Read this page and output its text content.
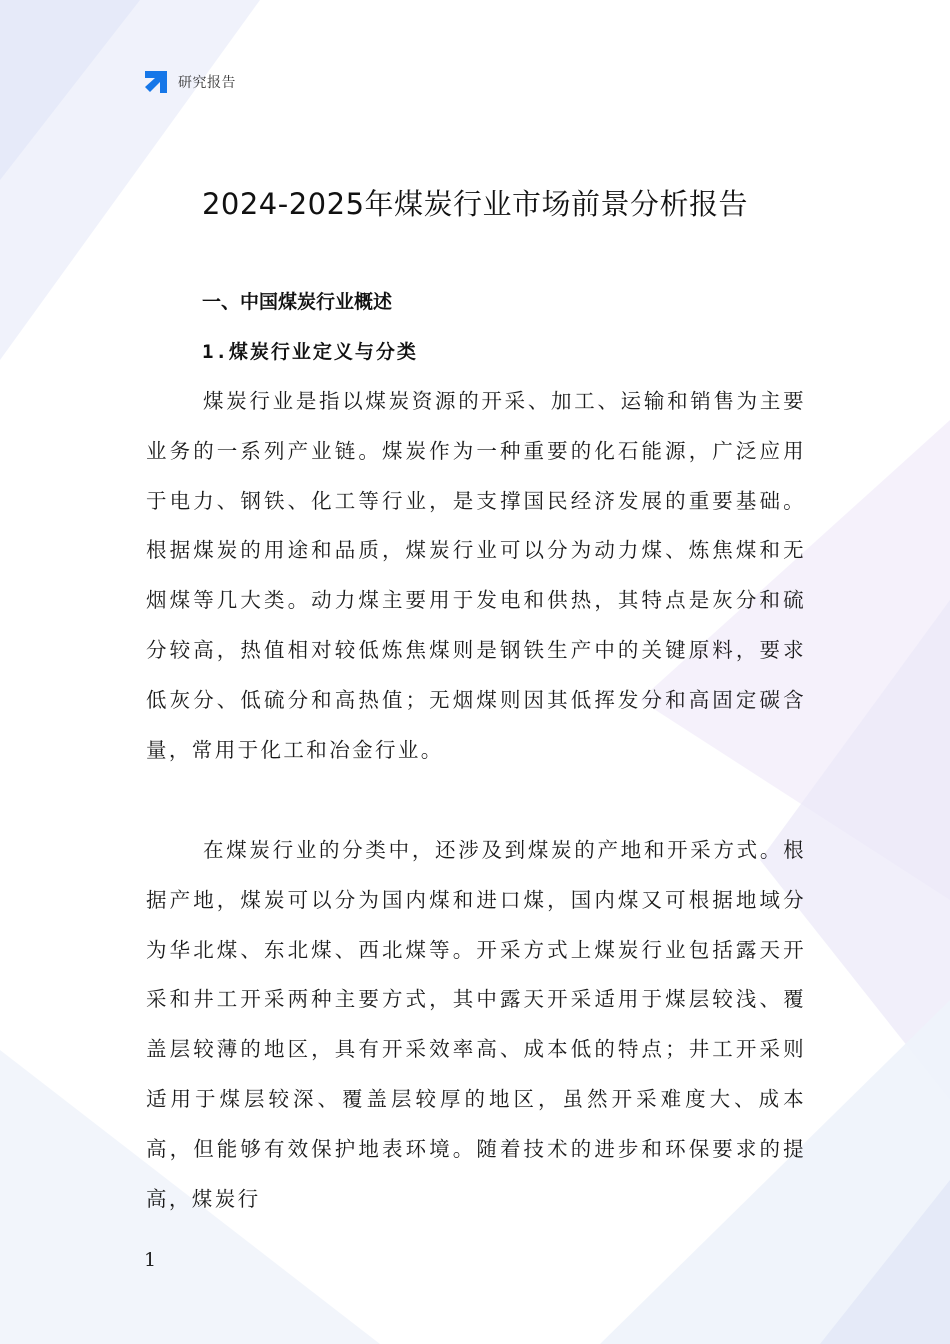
研究报告
2024-2025年煤炭行业市场前景分析报告
一、中国煤炭行业概述
1.煤炭行业定义与分类

煤炭行业是指以煤炭资源的开采、加工、运输和销售为主要业务的一系列产业链。煤炭作为一种重要的化石能源，广泛应用于电力、钢铁、化工等行业，是支撑国民经济发展的重要基础。根据煤炭的用途和品质，煤炭行业可以分为动力煤、炼焦煤和无烟煤等几大类。动力煤主要用于发电和供热，其特点是灰分和硫分较高，热值相对较低炼焦煤则是钢铁生产中的关键原料，要求低灰分、低硫分和高热值；无烟煤则因其低挥发分和高固定碳含量，常用于化工和冶金行业。

在煤炭行业的分类中，还涉及到煤炭的产地和开采方式。根据产地，煤炭可以分为国内煤和进口煤，国内煤又可根据地域分为华北煤、东北煤、西北煤等。开采方式上煤炭行业包括露天开采和井工开采两种主要方式，其中露天开采适用于煤层较浅、覆盖层较薄的地区，具有开采效率高、成本低的特点；井工开采则适用于煤层较深、覆盖层较厚的地区，虽然开采难度大、成本高，但能够有效保护地表环境。随着技术的进步和环保要求的提高，煤炭行

1
